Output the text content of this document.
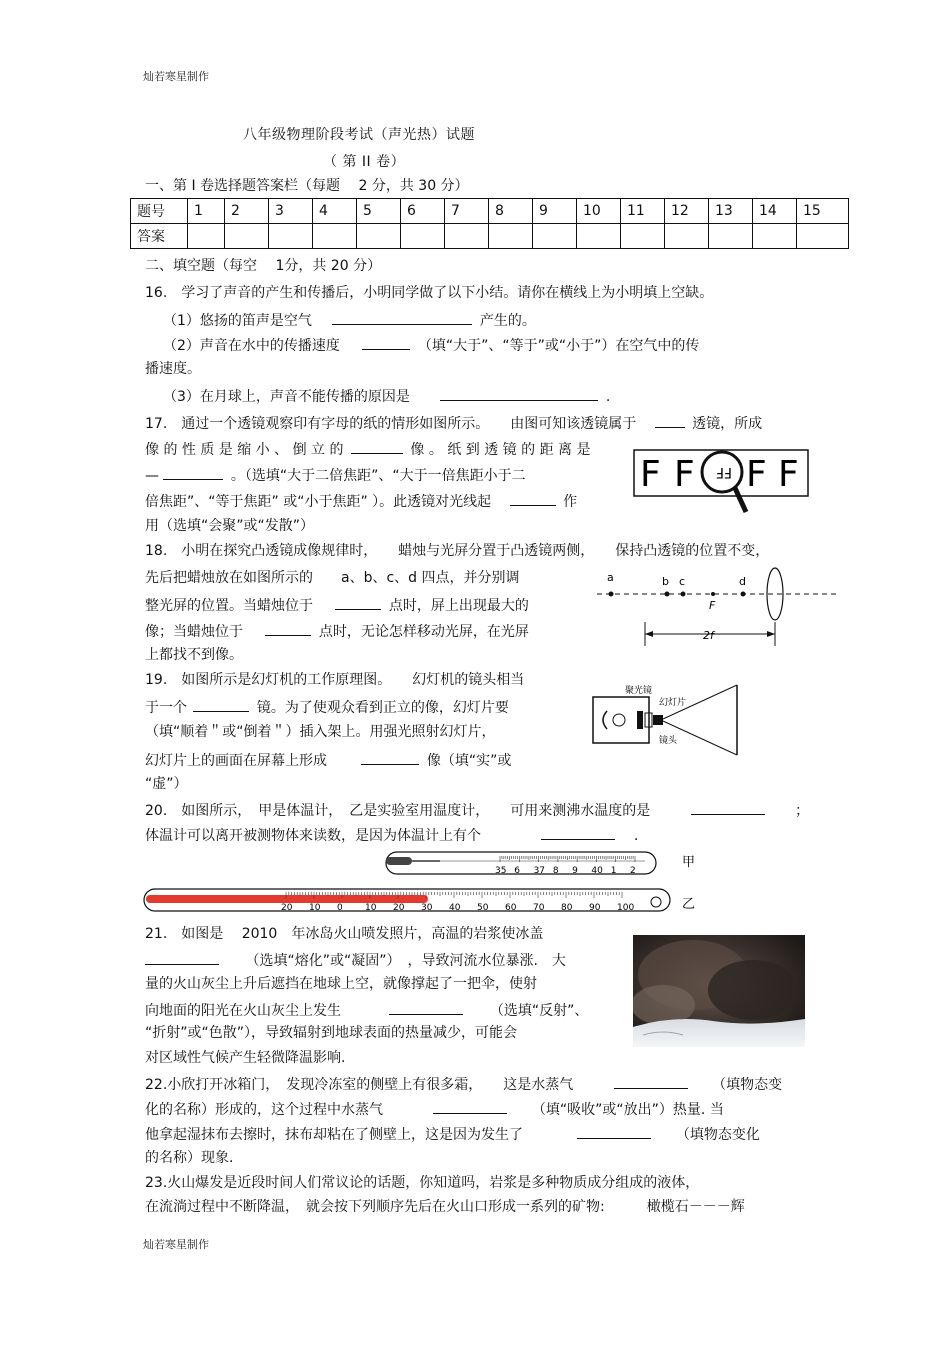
灿若寒星制作
灿若寒星制作
八年级物理阶段考试（声光热）试题
（ 第 II 卷）
一、第 I 卷选择题答案栏（每题　 2 分，共 30 分）
题号	1	2	3	4	5	6	7	8	9	10	11	12	13	14	15
答案															
二、填空题（每空　 1分，共 20 分）
16.　学习了声音的产生和传播后，小明同学做了以下小结。请你在横线上为小明填上空缺。
（1）悠扬的笛声是空气	产生的。
（2）声音在水中的传播速度	（填“大于”、“等于”或“小于”）在空气中的传
播速度。
（3）在月球上，声音不能传播的原因是	.
17.　通过一个透镜观察印有字母的纸的情形如图所示。　　由图可知该透镜属于	透镜，所成
像 的 性 质 是 缩 小 、 倒 立 的	像 。 纸 到 透 镜 的 距 离 是
—	。（选填“大于二倍焦距”、“大于一倍焦距小于二
倍焦距”、“等于焦距” 或“小于焦距” ）。此透镜对光线起	作
用（选填“会聚”或“发散”）
F F FF F F
18.　小明在探究凸透镜成像规律时，　　蜡烛与光屏分置于凸透镜两侧，　　保持凸透镜的位置不变，
先后把蜡烛放在如图所示的　　a、b、c、d 四点，并分别调
整光屏的位置。当蜡烛位于	点时，屏上出现最大的
像；当蜡烛位于	点时，无论怎样移动光屏，在光屏
上都找不到像。
a	b c	d
F
2f
19.　如图所示是幻灯机的工作原理图。　　幻灯机的镜头相当
于一个	镜。为了使观众看到正立的像，幻灯片要
（填“顺着＂或“倒着＂）插入架上。用强光照射幻灯片，
幻灯片上的画面在屏幕上形成	像（填“实”或
“虚”）
聚光镜
幻灯片
镜头
20.　如图所示，　甲是体温计，　乙是实验室用温度计，　　可用来测沸水温度的是	；
体温计可以离开被测物体来读数，是因为体温计上有个	.
35 6 37 8 9 40 1 2
甲
20 10 0 10 20 30 40 50 60 70 80 90 100	乙
21.　如图是　 2010　年冰岛火山喷发照片，高温的岩浆使冰盖
（选填“熔化”或“凝固”）　，导致河流水位暴涨.　大
量的火山灰尘上升后遮挡在地球上空，就像撑起了一把伞，使射
向地面的阳光在火山灰尘上发生	（选填“反射”、
“折射”或“色散”），导致辐射到地球表面的热量减少，可能会
对区域性气候产生轻微降温影响.
22.小欣打开冰箱门，　发现冷冻室的侧壁上有很多霜，　　这是水蒸气	（填物态变
化的名称）形成的，这个过程中水蒸气	（填“吸收”或“放出”）热量. 当
他拿起湿抹布去擦时，抹布却粘在了侧壁上，这是因为发生了	（填物态变化
的名称）现象.
23.火山爆发是近段时间人们常议论的话题，你知道吗，岩浆是多种物质成分组成的液体，
在流淌过程中不断降温，　就会按下列顺序先后在火山口形成一系列的矿物:　　　橄榄石－－－辉
